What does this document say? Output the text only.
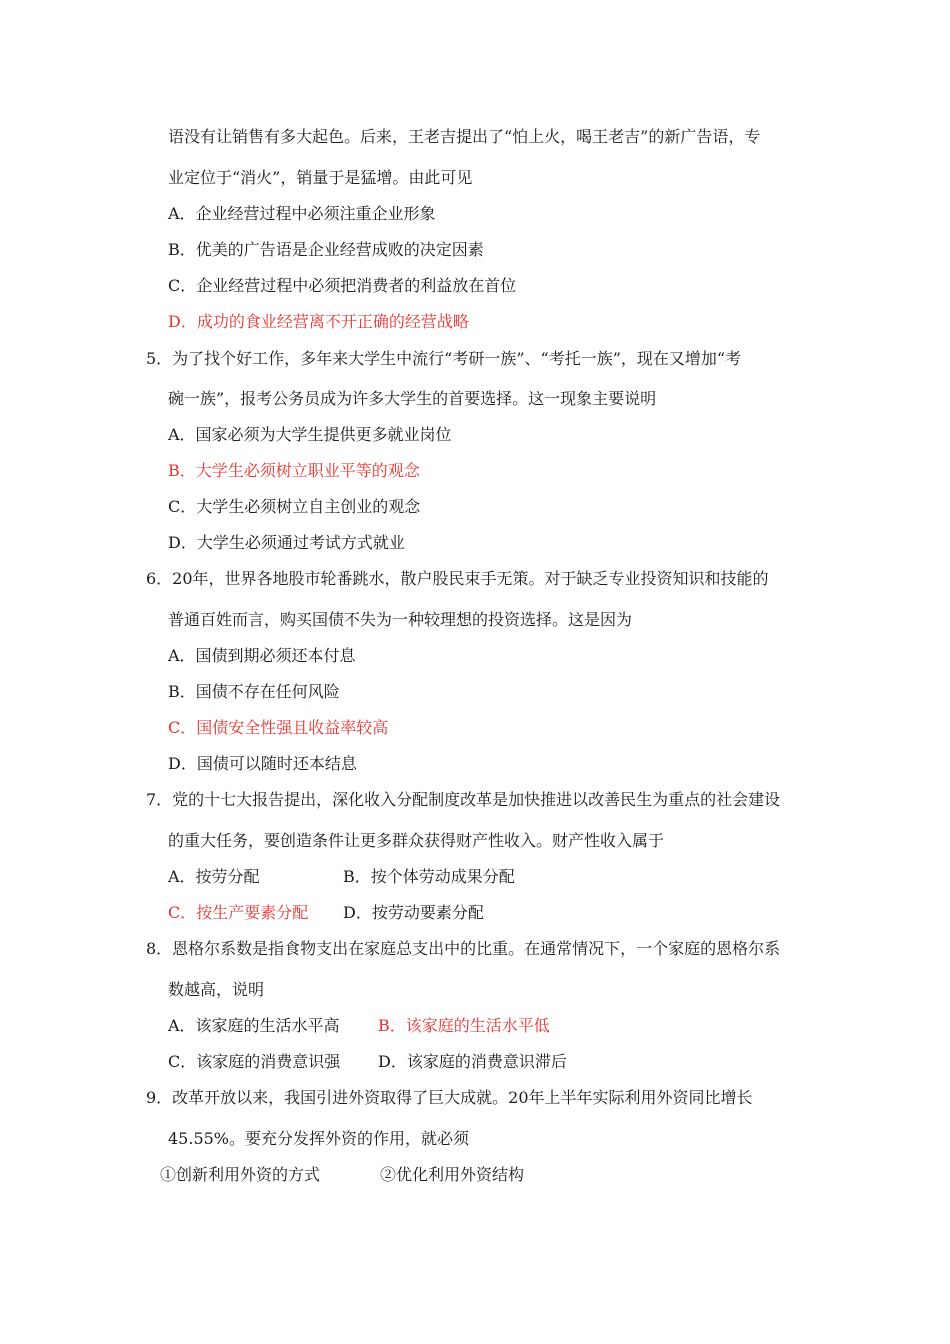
语没有让销售有多大起色。后来，王老吉提出了“怕上火，喝王老吉”的新广告语，专
业定位于“消火”，销量于是猛增。由此可见
A．企业经营过程中必须注重企业形象
B．优美的广告语是企业经营成败的决定因素
C．企业经营过程中必须把消费者的利益放在首位
D．成功的食业经营离不开正确的经营战略
5．为了找个好工作，多年来大学生中流行“考研一族”、“考托一族”，现在又增加“考
碗一族”，报考公务员成为许多大学生的首要选择。这一现象主要说明
A．国家必须为大学生提供更多就业岗位
B．大学生必须树立职业平等的观念
C．大学生必须树立自主创业的观念
D．大学生必须通过考试方式就业
6．20年，世界各地股市轮番跳水，散户股民束手无策。对于缺乏专业投资知识和技能的
普通百姓而言，购买国债不失为一种较理想的投资选择。这是因为
A．国债到期必须还本付息
B．国债不存在任何风险
C．国债安全性强且收益率较高
D．国债可以随时还本结息
7．党的十七大报告提出，深化收入分配制度改革是加快推进以改善民生为重点的社会建设
的重大任务，要创造条件让更多群众获得财产性收入。财产性收入属于
A．按劳分配	B．按个体劳动成果分配
C．按生产要素分配 D．按劳动要素分配
8．恩格尔系数是指食物支出在家庭总支出中的比重。在通常情况下，一个家庭的恩格尔系
数越高，说明
A．该家庭的生活水平高 B．该家庭的生活水平低
C．该家庭的消费意识强 D．该家庭的消费意识滞后
9．改革开放以来，我国引进外资取得了巨大成就。20年上半年实际利用外资同比增长
45.55%。要充分发挥外资的作用，就必须
①创新利用外资的方式	②优化利用外资结构
